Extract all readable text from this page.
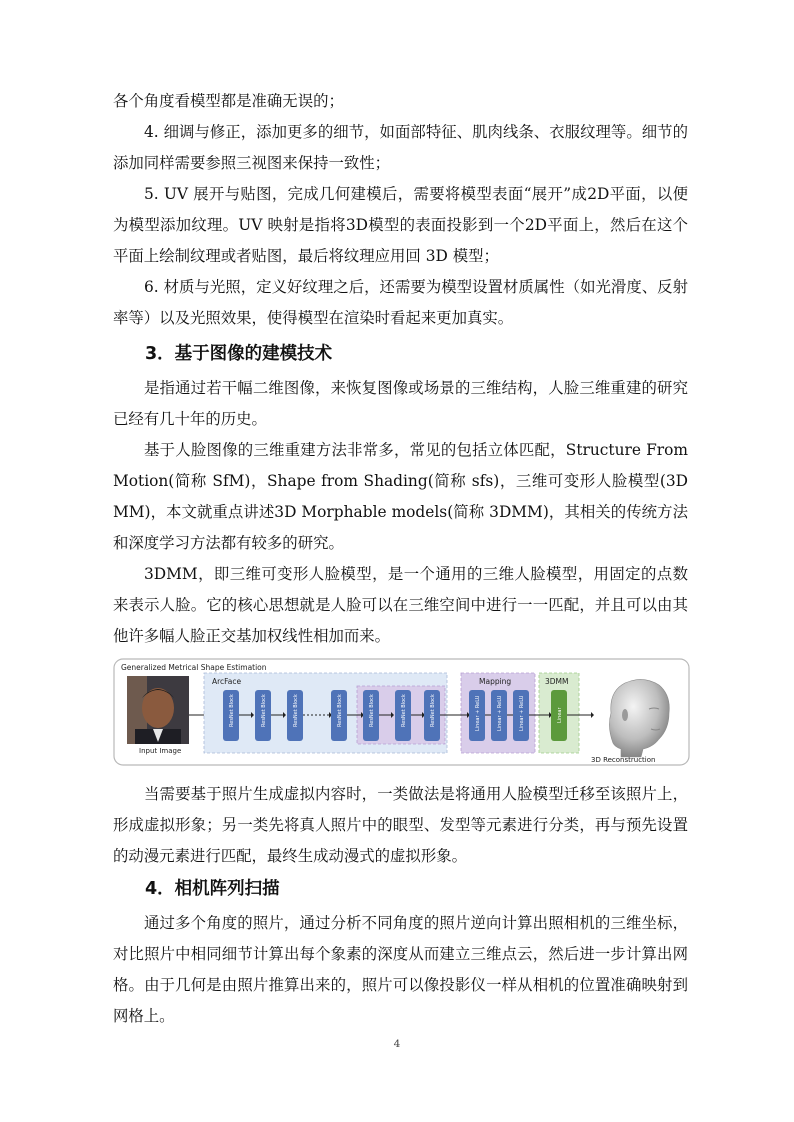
各个角度看模型都是准确无误的；

4. 细调与修正，添加更多的细节，如面部特征、肌肉线条、衣服纹理等。细节的添加同样需要参照三视图来保持一致性；

5. UV 展开与贴图，完成几何建模后，需要将模型表面“展开”成2D平面，以便为模型添加纹理。UV 映射是指将3D模型的表面投影到一个2D平面上，然后在这个平面上绘制纹理或者贴图，最后将纹理应用回 3D 模型；

6. 材质与光照，定义好纹理之后，还需要为模型设置材质属性（如光滑度、反射率等）以及光照效果，使得模型在渲染时看起来更加真实。

3．基于图像的建模技术

是指通过若干幅二维图像，来恢复图像或场景的三维结构，人脸三维重建的研究已经有几十年的历史。

基于人脸图像的三维重建方法非常多，常见的包括立体匹配，Structure From Motion(简称 SfM)，Shape from Shading(简称 sfs)，三维可变形人脸模型(3DMM)，本文就重点讲述3D Morphable models(简称 3DMM)，其相关的传统方法和深度学习方法都有较多的研究。

3DMM，即三维可变形人脸模型，是一个通用的三维人脸模型，用固定的点数来表示人脸。它的核心思想就是人脸可以在三维空间中进行一一匹配，并且可以由其他许多幅人脸正交基加权线性相加而来。

Generalized Metrical Shape Estimation
Input Image
ArcFace	Mapping	3DMM
ResNet Block	ResNet Block	ResNet Block	ResNet Block	ResNet Block	ResNet Block	ResNet Block	Linear + ReLU	Linear + ReLU	Linear + ReLU	Linear
3D Reconstruction

当需要基于照片生成虚拟内容时，一类做法是将通用人脸模型迁移至该照片上，形成虚拟形象；另一类先将真人照片中的眼型、发型等元素进行分类，再与预先设置的动漫元素进行匹配，最终生成动漫式的虚拟形象。

4．相机阵列扫描

通过多个角度的照片，通过分析不同角度的照片逆向计算出照相机的三维坐标，对比照片中相同细节计算出每个象素的深度从而建立三维点云，然后进一步计算出网格。由于几何是由照片推算出来的，照片可以像投影仪一样从相机的位置准确映射到网格上。

4
